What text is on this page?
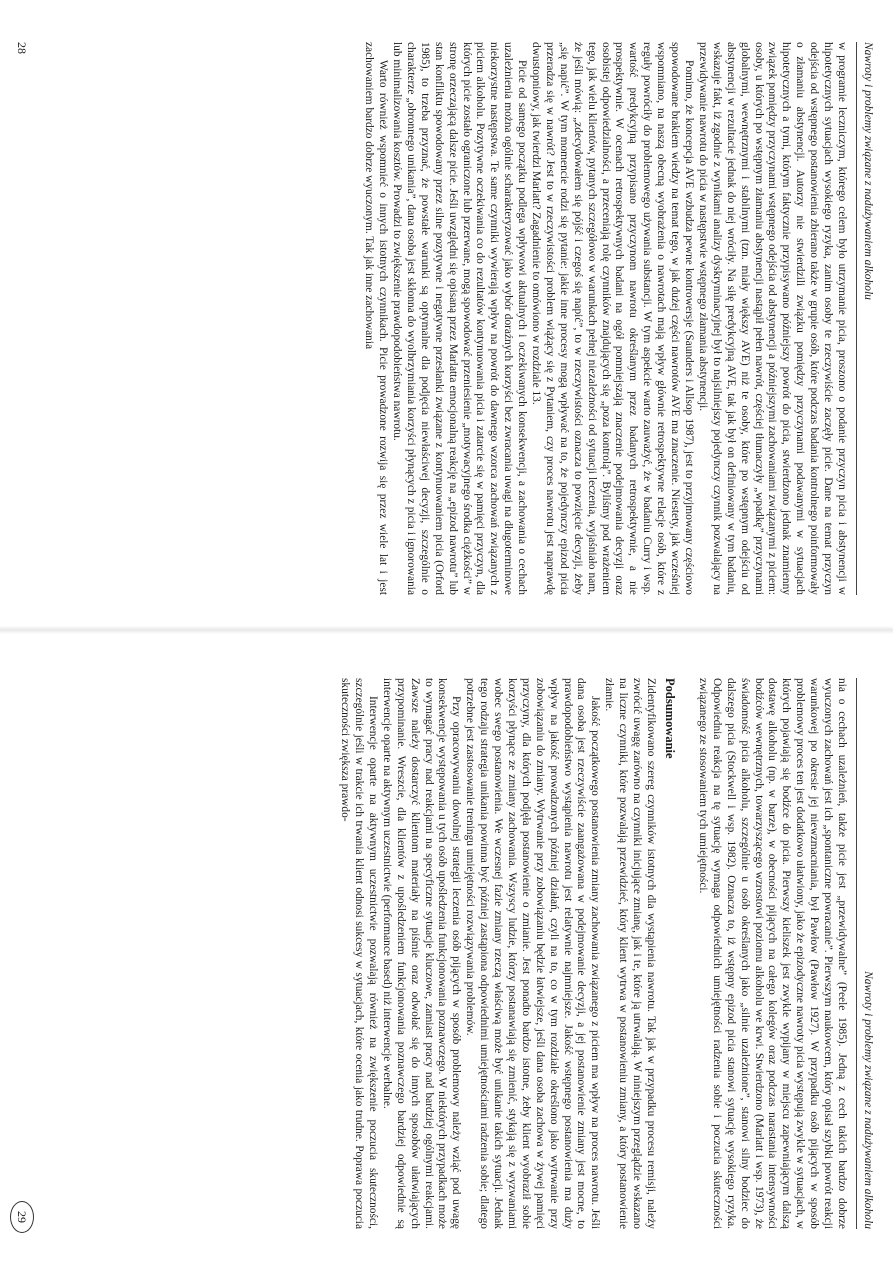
Nawroty i problemy związane z nadużywaniem alkoholu

w programie leczniczym, którego celem było utrzymanie picia, proszono o podanie przyczyn picia i abstynencji w hipotetycznych sytuacjach wysokiego ryzyka, zanim osoby te rzeczywiście zaczęły picie. Dane na temat przyczyn odejścia od wstępnego postanowienia zbierano także w grupie osób, które podczas badania kontrolnego poinformowały o złamaniu abstynencji. Autorzy nie stwierdzili związku pomiędzy przyczynami podawanymi w sytuacjach hipotetycznych a tymi, którym faktycznie przypisywano późniejszy powrót do picia, stwierdzono jednak znamienny związek pomiędzy przyczynami wstępnego odejścia od abstynencji a późniejszymi zachowaniami związanymi z piciem: osoby, u których po wstępnym złamaniu abstynencji nastąpił pełen nawrót, częściej tłumaczyły „wpadkę” przyczynami globalnymi, wewnętrznymi i stabilnymi (tzn. miały większy AVE) niż te osoby, które po wstępnym odejściu od abstynencji w rezultacie jednak do niej wróciły. Na siłę predykcyjną AVE, tak jak był on definiowany w tym badaniu, wskazuje fakt, iż zgodnie z wynikami analizy dyskryminacyjnej był to najsilniejszy pojedynczy czynnik pozwalający na przewidywanie nawrotu do picia w następstwie wstępnego złamania abstynencji.

Pomimo, że koncepcja AVE wzbudza pewne kontrowersje (Saunders i Allsop 1987), jest to przyjmowany częściowo spowodowane brakiem wiedzy na temat tego, w jak dużej części nawrotów AVE ma znaczenie. Niestety, jak wcześniej wspomniano, na naszą obecną wyobrażenia o nawrotach mają wpływ głównie retrospektywne relacje osób, które z reguły powróciły do problemowego używania substancji. W tym aspekcie warto zauważyć, że w badaniu Curry i wsp. wartość predykcyjną przypisano przyczynom nawrotu określanym przez badanych retrospektywnie, a nie prospektywnie. W ocenach retrospektywnych badani na ogół pomniejszają znaczenie podejmowania decyzji oraz osobistej odpowiedzialności, a przeceniają rolę czynników znajdujących się „poza kontrolą”. Byliśmy pod wrażeniem tego, jak wielu klientów, pytanych szczegółowo w warunkach pełnej niezależności od sytuacji leczenia, wyjaśniało nam, że jeśli mówią: „zdecydowałem się pójść i czegoś się napić”, to w rzeczywistości oznacza to powzięcie decyzji, żeby „się napić”. W tym momencie rodzi się pytanie: jakie inne procesy mogą wpływać na to, że pojedynczy epizod picia przeradza się w nawrót? Jest to w rzeczywistości problem wiążący się z Pytaniem, czy proces nawrotu jest naprawdę dwustopniowy, jak twierdzi Marlatt? Zagadnienie to omówiono w rozdziale 13.

Picie od samego początku podlega wpływowi aktualnych i oczekiwanych konsekwencji, a zachowania o cechach uzależnienia można ogólnie scharakteryzować jako wybór doraźnych korzyści bez zwracania uwagi na długoterminowe niekorzystne następstwa. Te same czynniki wywierają wpływ na powrót do dawnego wzorca zachowań związanych z piciem alkoholu. Pozytywne oczekiwania co do rezultatów kontynuowania picia i zatarcie się w pamięci przyczyn, dla których picie zostało ograniczone lub przerwane, mogą spowodować przeniesienie „motywacyjnego środka ciężkości” w stronę orzeczającą dalsze picie. Jeśli uwzględni się opisaną przez Marlatta emocjonalną reakcję na „epizod nawrotu” lub stan konfliktu spowodowany przez silne pozytywne i negatywne przesłanki związane z kontynuowaniem picia (Orford 1985), to trzeba przyznać, że powstałe warunki są optymalne dla podjęcia niewłaściwej decyzji, szczególnie o charakterze „obronnego unikania”, dana osoba jest skłonna do wyolbrzymiania korzyści płynących z picia i ignorowania lub minimalizowania kosztów. Prowadzi to zwiększenie prawdopodobieństwa nawrotu.

Warto również wspomnieć o innych istotnych czynnikach. Picie prowadzone rozwija się przez wiele lat i jest zachowaniem bardzo dobrze wyuczonym. Tak jak inne zachowania

28
Nawroty i problemy związane z nadużywaniem alkoholu

nia o cechach uzależnień, także picie jest „przewidywalne” (Peele 1985). Jedną z cech takich bardzo dobrze wyuczonych zachowań jest ich „spontaniczne powracanie”. Pierwszym naukowcem, który opisał szybki powrót reakcji warunkowej po okresie jej niewzmacniania, był Pawłow (Pawłow 1927). W przypadku osób pijących w sposób problemowy proces ten jest dodatkowo ułatwiony, jako że epizodyczne nawroty picia występują zwykle w sytuacjach, w których pojawiają się bodźce do picia. Pierwszy kieliszek jest zwykle wypijany w miejscu zapewniającym dalszą dostawę alkoholu (np. w barze), w obecności pijących na całego kolegów oraz podczas narastania intensywności bodźców wewnętrznych, towarzyszącego wzrostowi poziomu alkoholu we krwi. Stwierdzono (Marlatt i wsp. 1973), że świadomość picia alkoholu, szczególnie u osób określanych jako „silnie uzależnione”, stanowi silny bodziec do dalszego picia (Stockwell i wsp. 1982). Oznacza to, iż wstępny epizod picia stanowi sytuację wysokiego ryzyka. Odpowiednia reakcja na tę sytuację wymaga odpowiednich umiejętności radzenia sobie i poczucia skuteczności związanego ze stosowaniem tych umiejętności.

Podsumowanie

Zidentyfikowano szereg czynników istotnych dla wystąpienia nawrotu. Tak jak w przypadku procesu remisji, należy zwrócić uwagę zarówno na czynniki inicjujące zmianę, jak i te, które ją utrwalają. W niniejszym przeglądzie wskazano na liczne czynniki, które pozwalają przewidzieć, który klient wytrwa w postanowieniu zmiany, a który postanowienie złamie.

Jakość początkowego postanowienia zmiany zachowania związanego z piciem ma wpływ na proces nawrotu. Jeśli dana osoba jest rzeczywiście zaangażowana w podejmowanie decyzji, a jej postanowienie zmiany jest mocne, to prawdopodobieństwo wystąpienia nawrotu jest relatywnie najmniejsze. Jakość wstępnego postanowienia ma duży wpływ na jakość prowadzonych później działań, czyli na to, co w tym rozdziale określono jako wytrwanie przy zobowiązaniu do zmiany. Wytrwanie przy zobowiązaniu będzie łatwiejsze, jeśli dana osoba zachowa w żywej pamięci przyczyny, dla których podjęła postanowienie o zmianie. Jest ponadto bardzo istotne, żeby klient wyobraził sobie korzyści płynące ze zmiany zachowania. Wszyscy ludzie, którzy postanawiają się zmienić, stykają się z wyzwaniami wobec swego postanowienia. We wczesnej fazie zmiany rzeczą właściwą może być unikanie takich sytuacji. Jednak tego rodzaju strategia unikania powinna być później zastąpiona odpowiednimi umiejętnościami radzenia sobie; dlatego potrzebne jest zastosowanie treningu umiejętności rozwiązywania problemów.

Przy opracowywaniu dowolnej strategii leczenia osób pijących w sposób problemowy należy wziąć pod uwagę konsekwencje występowania u tych osób upośledzenia funkcjonowania poznawczego. W niektórych przypadkach może to wymagać pracy nad reakcjami na specyficzne sytuacje kluczowe, zamiast pracy nad bardziej ogólnymi reakcjami. Zawsze należy dostarczyć klientom materiały na piśmie oraz odwołać się do innych sposobów ułatwiających przypominanie. Wreszcie, dla klientów z upośledzeniem funkcjonowania poznawczego bardziej odpowiednie są interwencje oparte na aktywnym uczestnictwie (performance based) niż interwencje werbalne.

Interwencje oparte na aktywnym uczestnictwie pozwalają również na zwiększenie poczucia skuteczności, szczególnie jeśli w trakcie ich trwania klient odnosi sukcesy w sytuacjach, które ocenia jako trudne. Poprawa poczucia skuteczności zwiększa prawdo-

29
